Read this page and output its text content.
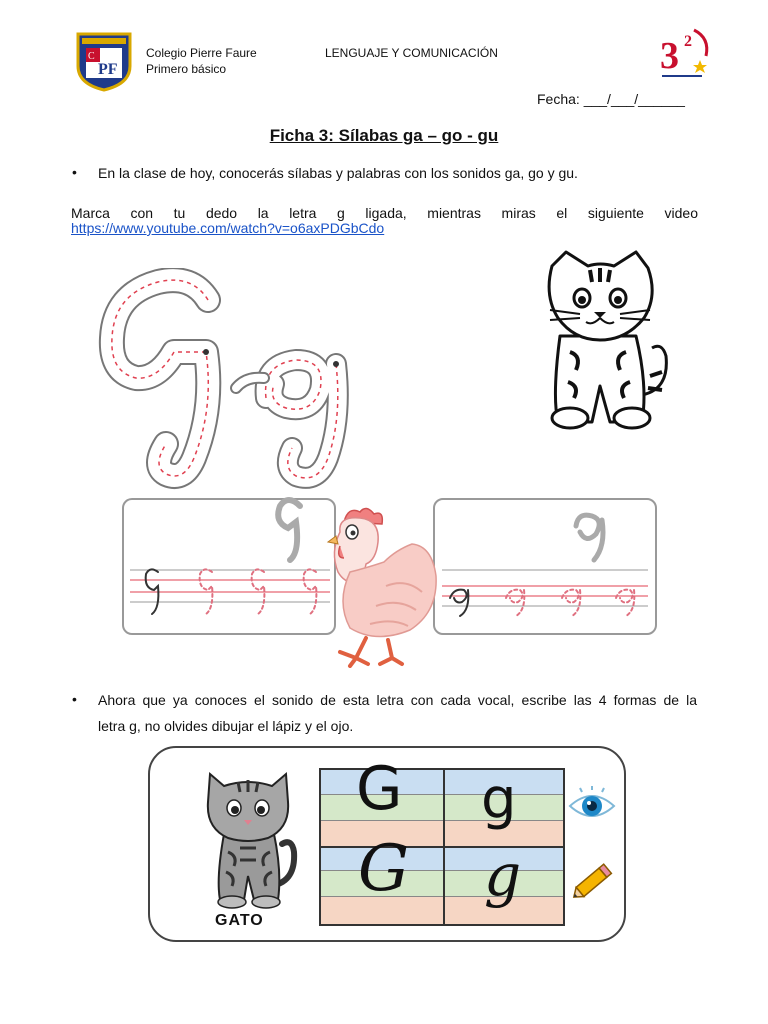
C
PF
Colegio Pierre Faure
Primero básico
LENGUAJE Y COMUNICACIÓN	3 2
Fecha: ___/___/______
Ficha 3: Sílabas ga – go - gu
• En la clase de hoy, conocerás sílabas y palabras con los sonidos ga, go y gu.
Marca con tu dedo la letra g ligada, mientras miras el siguiente video
https://www.youtube.com/watch?v=o6axPDGbCdo
• Ahora que ya conoces el sonido de esta letra con cada vocal, escribe las 4 formas de la
letra g, no olvides dibujar el lápiz y el ojo.
GATO
G g
G g
